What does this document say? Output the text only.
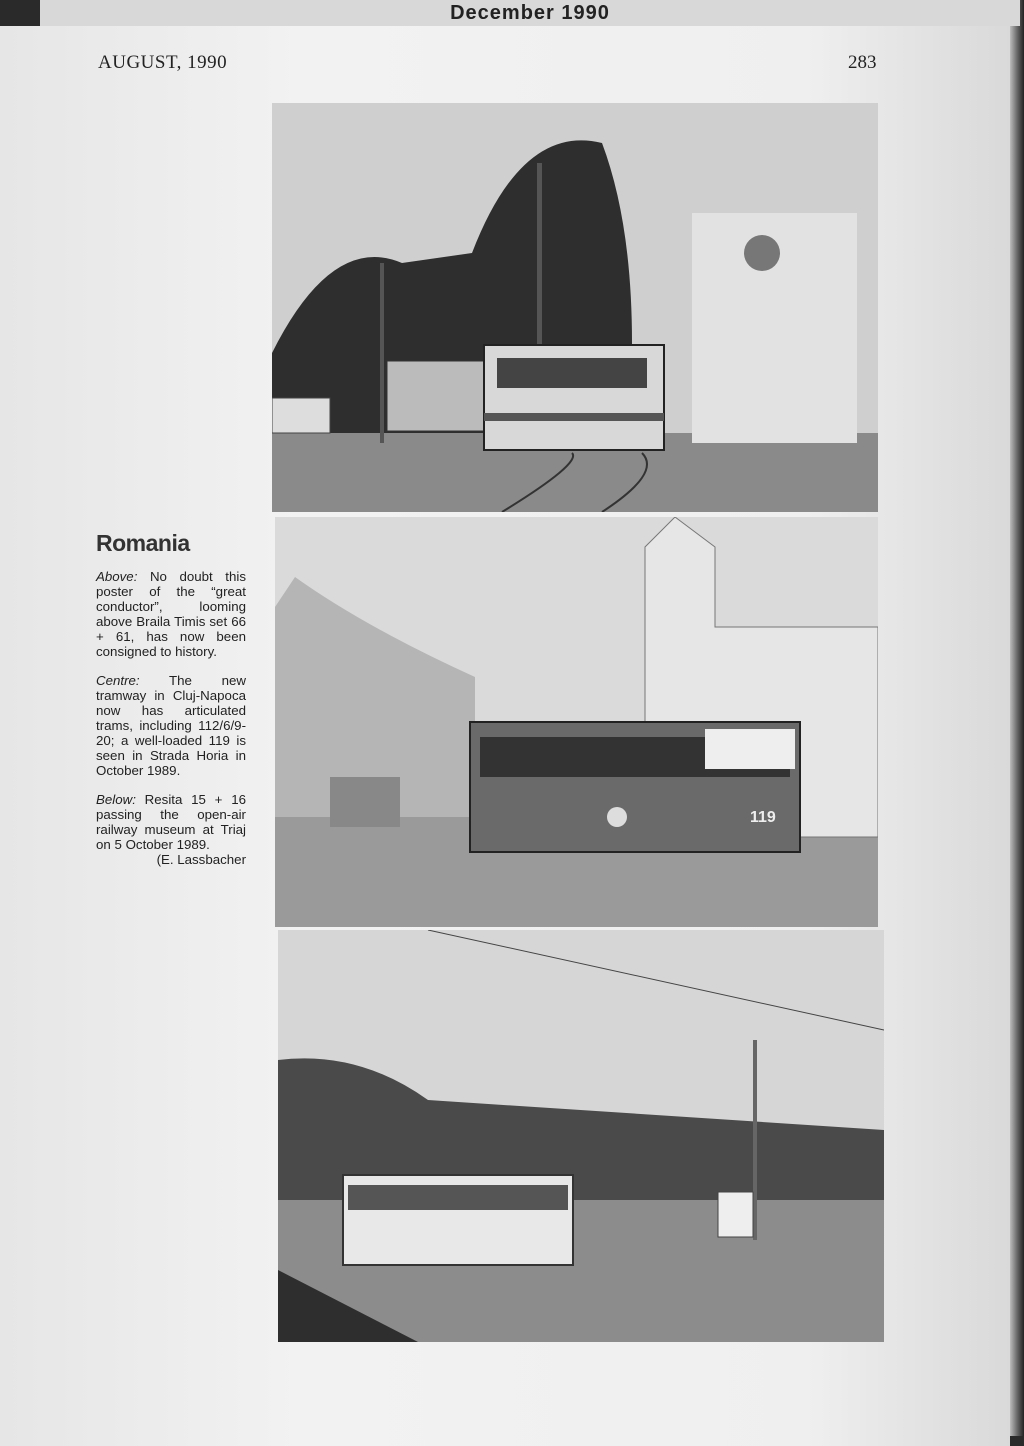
December 1990
AUGUST, 1990	283
119
Romania

Above: No doubt this poster of the “great conductor”, looming above Braila Timis set 66 + 61, has now been consigned to history.

Centre: The new tramway in Cluj-Napoca now has articulated trams, including 112/6/9-20; a well-loaded 119 is seen in Strada Horia in October 1989.

Below: Resita 15 + 16 passing the open-air railway museum at Triaj on 5 October 1989.

(E. Lassbacher
